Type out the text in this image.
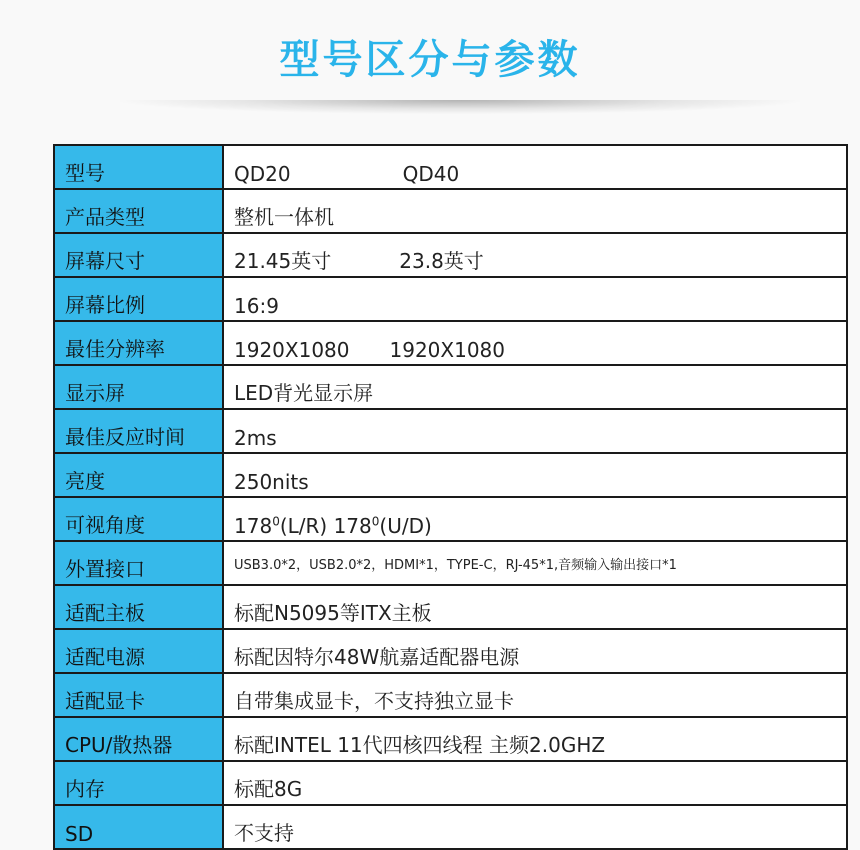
型号区分与参数
型号	QD20 QD40
产品类型	整机一体机
屏幕尺寸	21.45英寸 23.8英寸
屏幕比例	16:9
最佳分辨率	1920X1080 1920X1080
显示屏	LED背光显示屏
最佳反应时间	2ms
亮度	250nits
可视角度	$178^0(L/R)$ $178^0(U/D)$
外置接口	USB3.0*2，USB2.0*2，HDMI*1，TYPE-C，RJ-45*1,音频输入输出接口*1
适配主板	标配N5095等ITX主板
适配电源	标配因特尔48W航嘉适配器电源
适配显卡	自带集成显卡，不支持独立显卡
CPU/散热器	标配INTEL 11代四核四线程 主频2.0GHZ
内存	标配8G
SD	不支持
